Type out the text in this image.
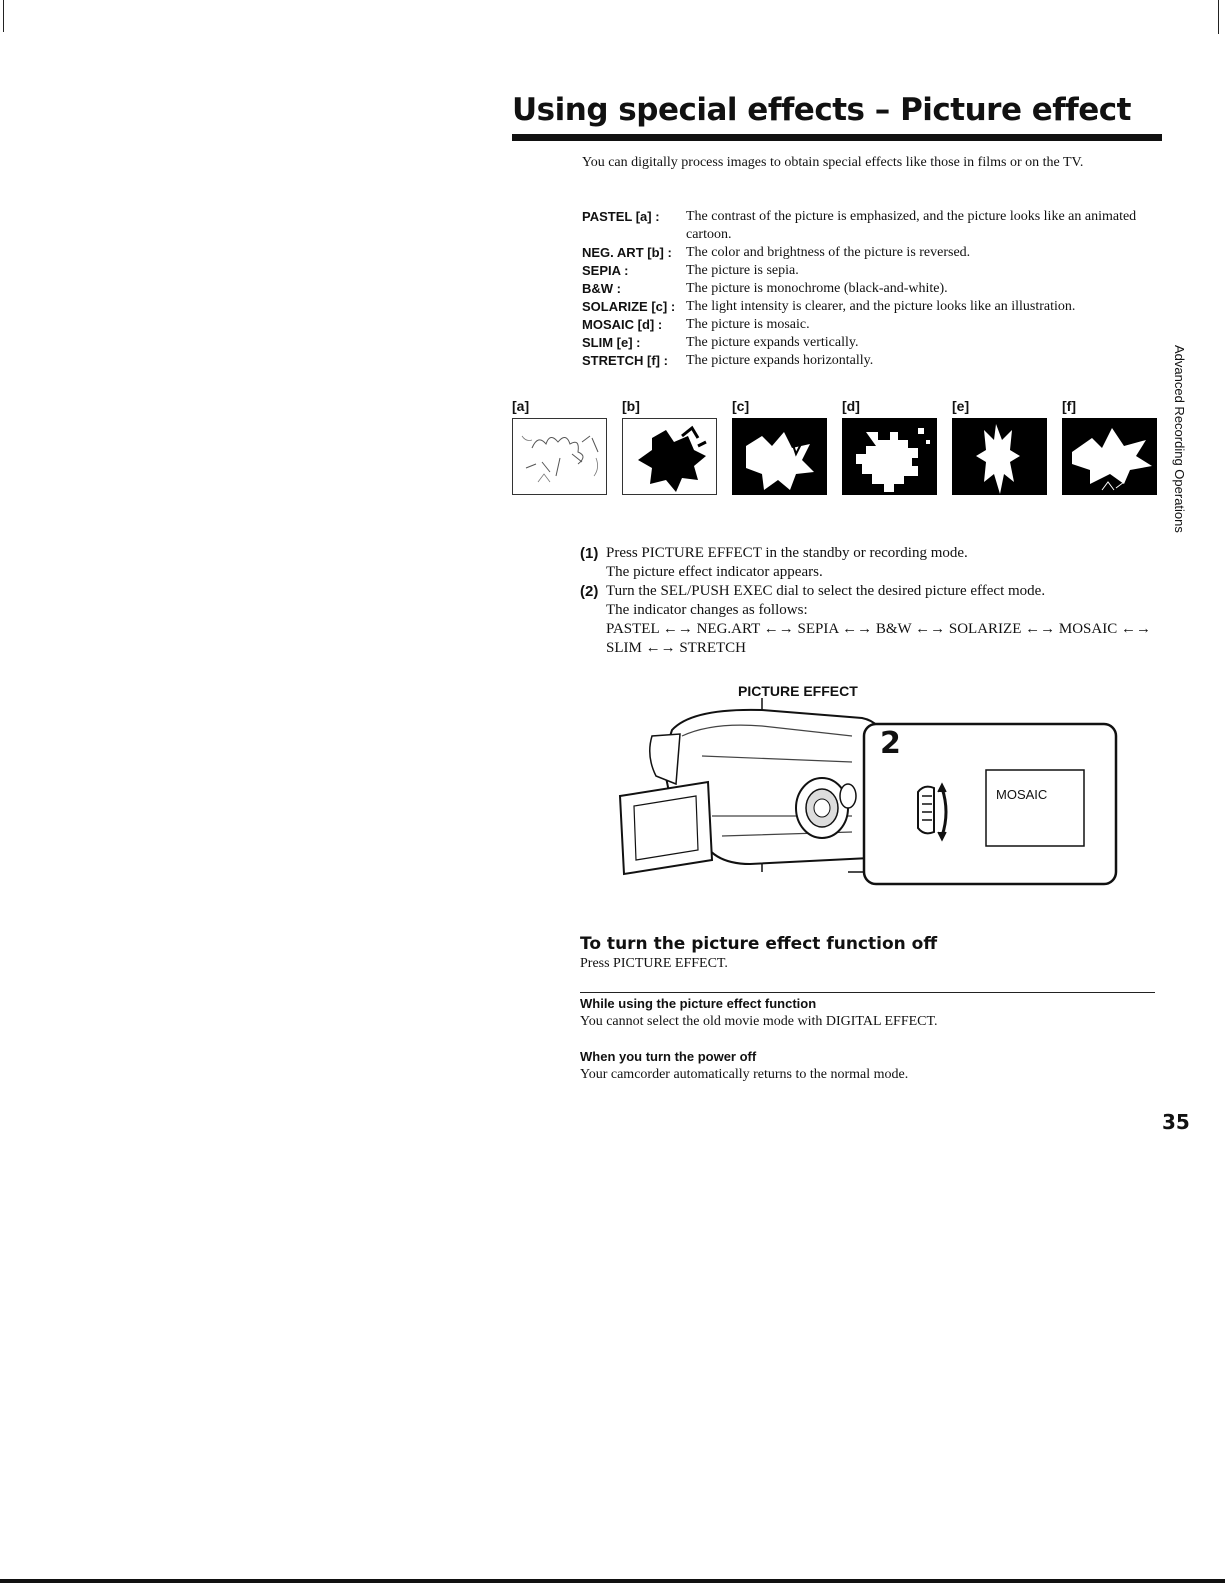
Using special effects – Picture effect
You can digitally process images to obtain special effects like those in films or on the TV.
PASTEL [a] :	The contrast of the picture is emphasized, and the picture looks like an animated cartoon.
NEG. ART [b] :	The color and brightness of the picture is reversed.
SEPIA :	The picture is sepia.
B&W :	The picture is monochrome (black-and-white).
SOLARIZE [c] : The light intensity is clearer, and the picture looks like an illustration.
MOSAIC [d] :	The picture is mosaic.
SLIM [e] :	The picture expands vertically.
STRETCH [f] :	The picture expands horizontally.
[a]	[b]	[c]	[d]	[e]	[f]	Advanced Recording Operations
(1) Press PICTURE EFFECT in the standby or recording mode.
The picture effect indicator appears.
(2) Turn the SEL/PUSH EXEC dial to select the desired picture effect mode.
The indicator changes as follows:
PASTEL ←→ NEG.ART ←→ SEPIA ←→ B&W ←→ SOLARIZE ←→ MOSAIC ←→
SLIM ←→ STRETCH
PICTURE EFFECT
2
MOSAIC
To turn the picture effect function off
Press PICTURE EFFECT.
While using the picture effect function
You cannot select the old movie mode with DIGITAL EFFECT.
When you turn the power off
Your camcorder automatically returns to the normal mode.
35
